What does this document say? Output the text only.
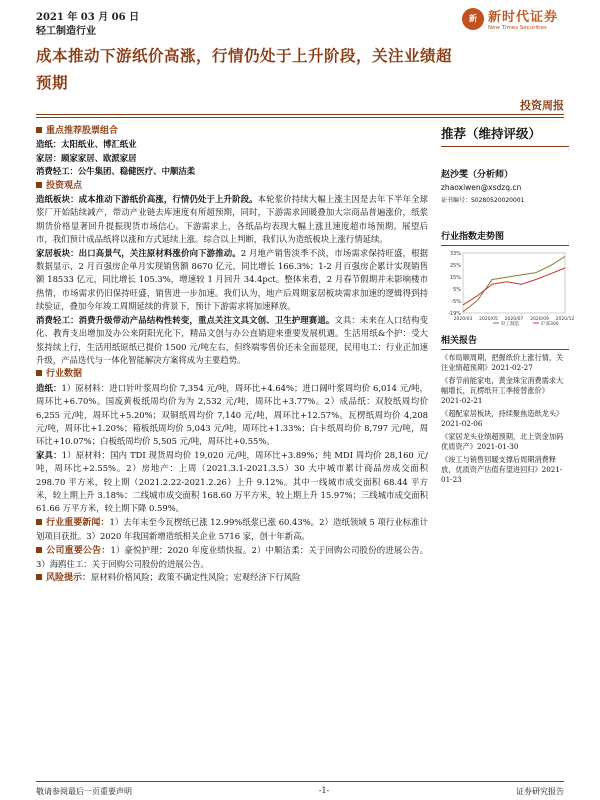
2021 年 03 月 06 日
轻工制造行业
新 新时代证券
New Times Securities
成本推动下游纸价高涨，行情仍处于上升阶段，关注业绩超预期
投资周报
重点推荐股票组合
造纸：太阳纸业、博汇纸业
家居：顾家家居、欧派家居
消费轻工：公牛集团、稳健医疗、中顺洁柔
投资观点
造纸板块：成本推动下游纸价高涨，行情仍处于上升阶段。本轮浆价持续大幅上涨主因是去年下半年全球浆厂开始陆续减产，带动产业链去库速度有所超预期，同时，下游需求回暖叠加大宗商品普遍涨价，纸浆期货价格显著回升提振现货市场信心。下游需求上，各纸品均表现大幅上涨且速度超市场预期。展望后市，我们预计成品纸将以涨和方式延续上涨。综合以上判断，我们认为造纸板块上涨行情延续。
家居板块：出口高景气，关注原材料涨价向下游推动。2 月地产销售淡季不淡，市场需求保持旺盛，根据数据显示，2 月百强房企单月实现销售额 8670 亿元，同比增长 166.3%；1-2 月百强房企累计实现销售额 18533 亿元，同比增长 105.3%，增速较 1 月回升 34.4pct。整体来看，2 月春节假期并未影响楼市热情，市场需求仍旧保持旺盛，销售进一步加速。我们认为，地产后周期家居板块需求加速的逻辑得到持续验证，叠加今年竣工周期延续的背景下，预计下游需求将加速释放。
消费轻工：消费升级带动产品结构性转变，重点关注文具文创、卫生护理赛道。文具：未来在人口结构变化、教育支出增加及办公来阴阳光化下，精品文创与办公直销迎来重要发展机遇。生活用纸&个护：受大浆持续上行，生活用纸原纸已提价 1500 元/吨左右，但终端零售价还未全面显现，民用电工：行业正加速升级，产品迭代与一体化智能解决方案将成为主要趋势。
行业数据
造纸：1）原材料：进口针叶浆周均价 7,354 元/吨，周环比+4.64%；进口阔叶浆周均价 6,014 元/吨，周环比+6.70%。国废黄板纸周均价为为 2,532 元/吨，周环比+3.77%。2）成品纸：双胶纸周均价 6,255 元/吨，周环比+5.20%；双铜纸周均价 7,140 元/吨，周环比+12.57%。瓦楞纸周均价 4,208 元/吨，周环比+1.20%；箱板纸周均价 5,043 元/吨，周环比+1.33%；白卡纸周均价 8,797 元/吨，周环比+10.07%；白板纸周均价 5,505 元/吨，周环比+0.55%。
家具：1）原材料：国内 TDI 现货周均价 19,020 元/吨，周环比+3.89%；纯 MDI 周均价 28,160 元/吨，周环比+2.55%。2）房地产：上周（2021.3.1-2021.3.5）30 大中城市累计商品房成交面积 298.70 平方米，较上期（2021.2.22-2021.2.26）上升 9.12%。其中一线城市成交面积 68.44 平方米，较上期上升 3.18%；二线城市成交面积 168.60 万平方米，较上期上升 15.97%；三线城市成交面积 61.66 万平方米，较上期下降 0.59%。
行业重要新闻：1）去年末至今瓦楞纸已涨 12.99%纸浆已涨 60.43%。2）造纸领域 5 项行业标准计划项目获批。3）2020 年我国新增造纸相关企业 5716 家，创十年新高。
公司重要公告：1）豪悦护理：2020 年度业绩快报。2）中顺洁柔：关于回购公司股份的进展公告。3）海鸥住工：关于回购公司股份的进展公告。
风险提示：原材料价格风险；政策不确定性风险；宏观经济下行风险
推荐（维持评级）
赵沙雯（分析师）
zhaoxiwen@xsdzq.cn
证书编号：S0280520020001
行业指数走势图
33%
25%
15%
5%
-5%
-19%
2020/03 2020/05 2020/07 2020/09 2020/12
轻工制造	沪深300
相关报告
《布局顺周期，把握纸价上涨行情，关注业绩超预期》2021-02-27
《春节前能家电，黄金珠宝消费需求大幅增长，瓦楞纸开工季接替涨价》2021-02-21
《超配家居板块，持续聚焦造纸龙头》2021-02-06
《家居龙头业绩超预期，北上资金加码优质资产》2021-01-30
《竣工与销售回暖支撑后周期消费释放，优质资产估值有望进回归》2021-01-23
敬请参阅最后一页重要声明	-1-	证券研究报告
